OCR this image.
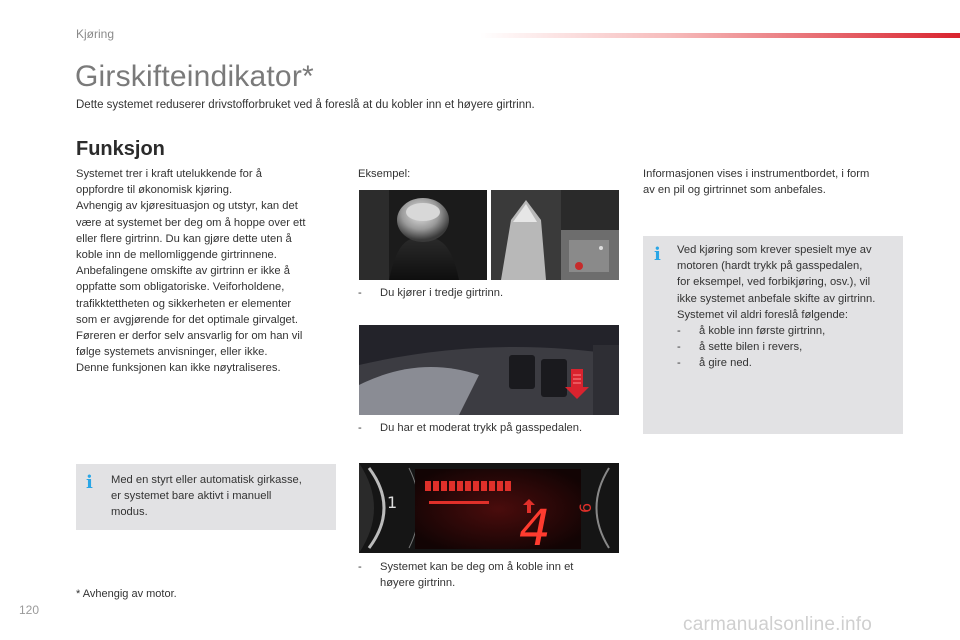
Kjøring
Girskifteindikator*
Dette systemet reduserer drivstofforbruket ved å foreslå at du kobler inn et høyere girtrinn.
Funksjon

Systemet trer i kraft utelukkende for å

oppfordre til økonomisk kjøring.

Avhengig av kjøresituasjon og utstyr, kan det

være at systemet ber deg om å hoppe over ett

eller flere girtrinn. Du kan gjøre dette uten å

koble inn de mellomliggende girtrinnene.

Anbefalingene omskifte av girtrinn er ikke å

oppfatte som obligatoriske. Veiforholdene,

trafikktettheten og sikkerheten er elementer

som er avgjørende for det optimale girvalget.

Føreren er derfor selv ansvarlig for om han vil

følge systemets anvisninger, eller ikke.

Denne funksjonen kan ikke nøytraliseres.

i Med en styrt eller automatisk girkasse,
er systemet bare aktivt i manuell
modus.
* Avhengig av motor.
Eksempel:
-	Du kjører i tredje girtrinn.
-	Du har et moderat trykk på gasspedalen.
4
1	6
-	Systemet kan be deg om å koble inn et
høyere girtrinn.
Informasjonen vises i instrumentbordet, i form
av en pil og girtrinnet som anbefales.
i Ved kjøring som krever spesielt mye av
motoren (hardt trykk på gasspedalen,
for eksempel, ved forbikjøring, osv.), vil
ikke systemet anbefale skifte av girtrinn.
Systemet vil aldri foreslå følgende:
-	å koble inn første girtrinn,
-	å sette bilen i revers,
-	å gire ned.
120
carmanualsonline.info
